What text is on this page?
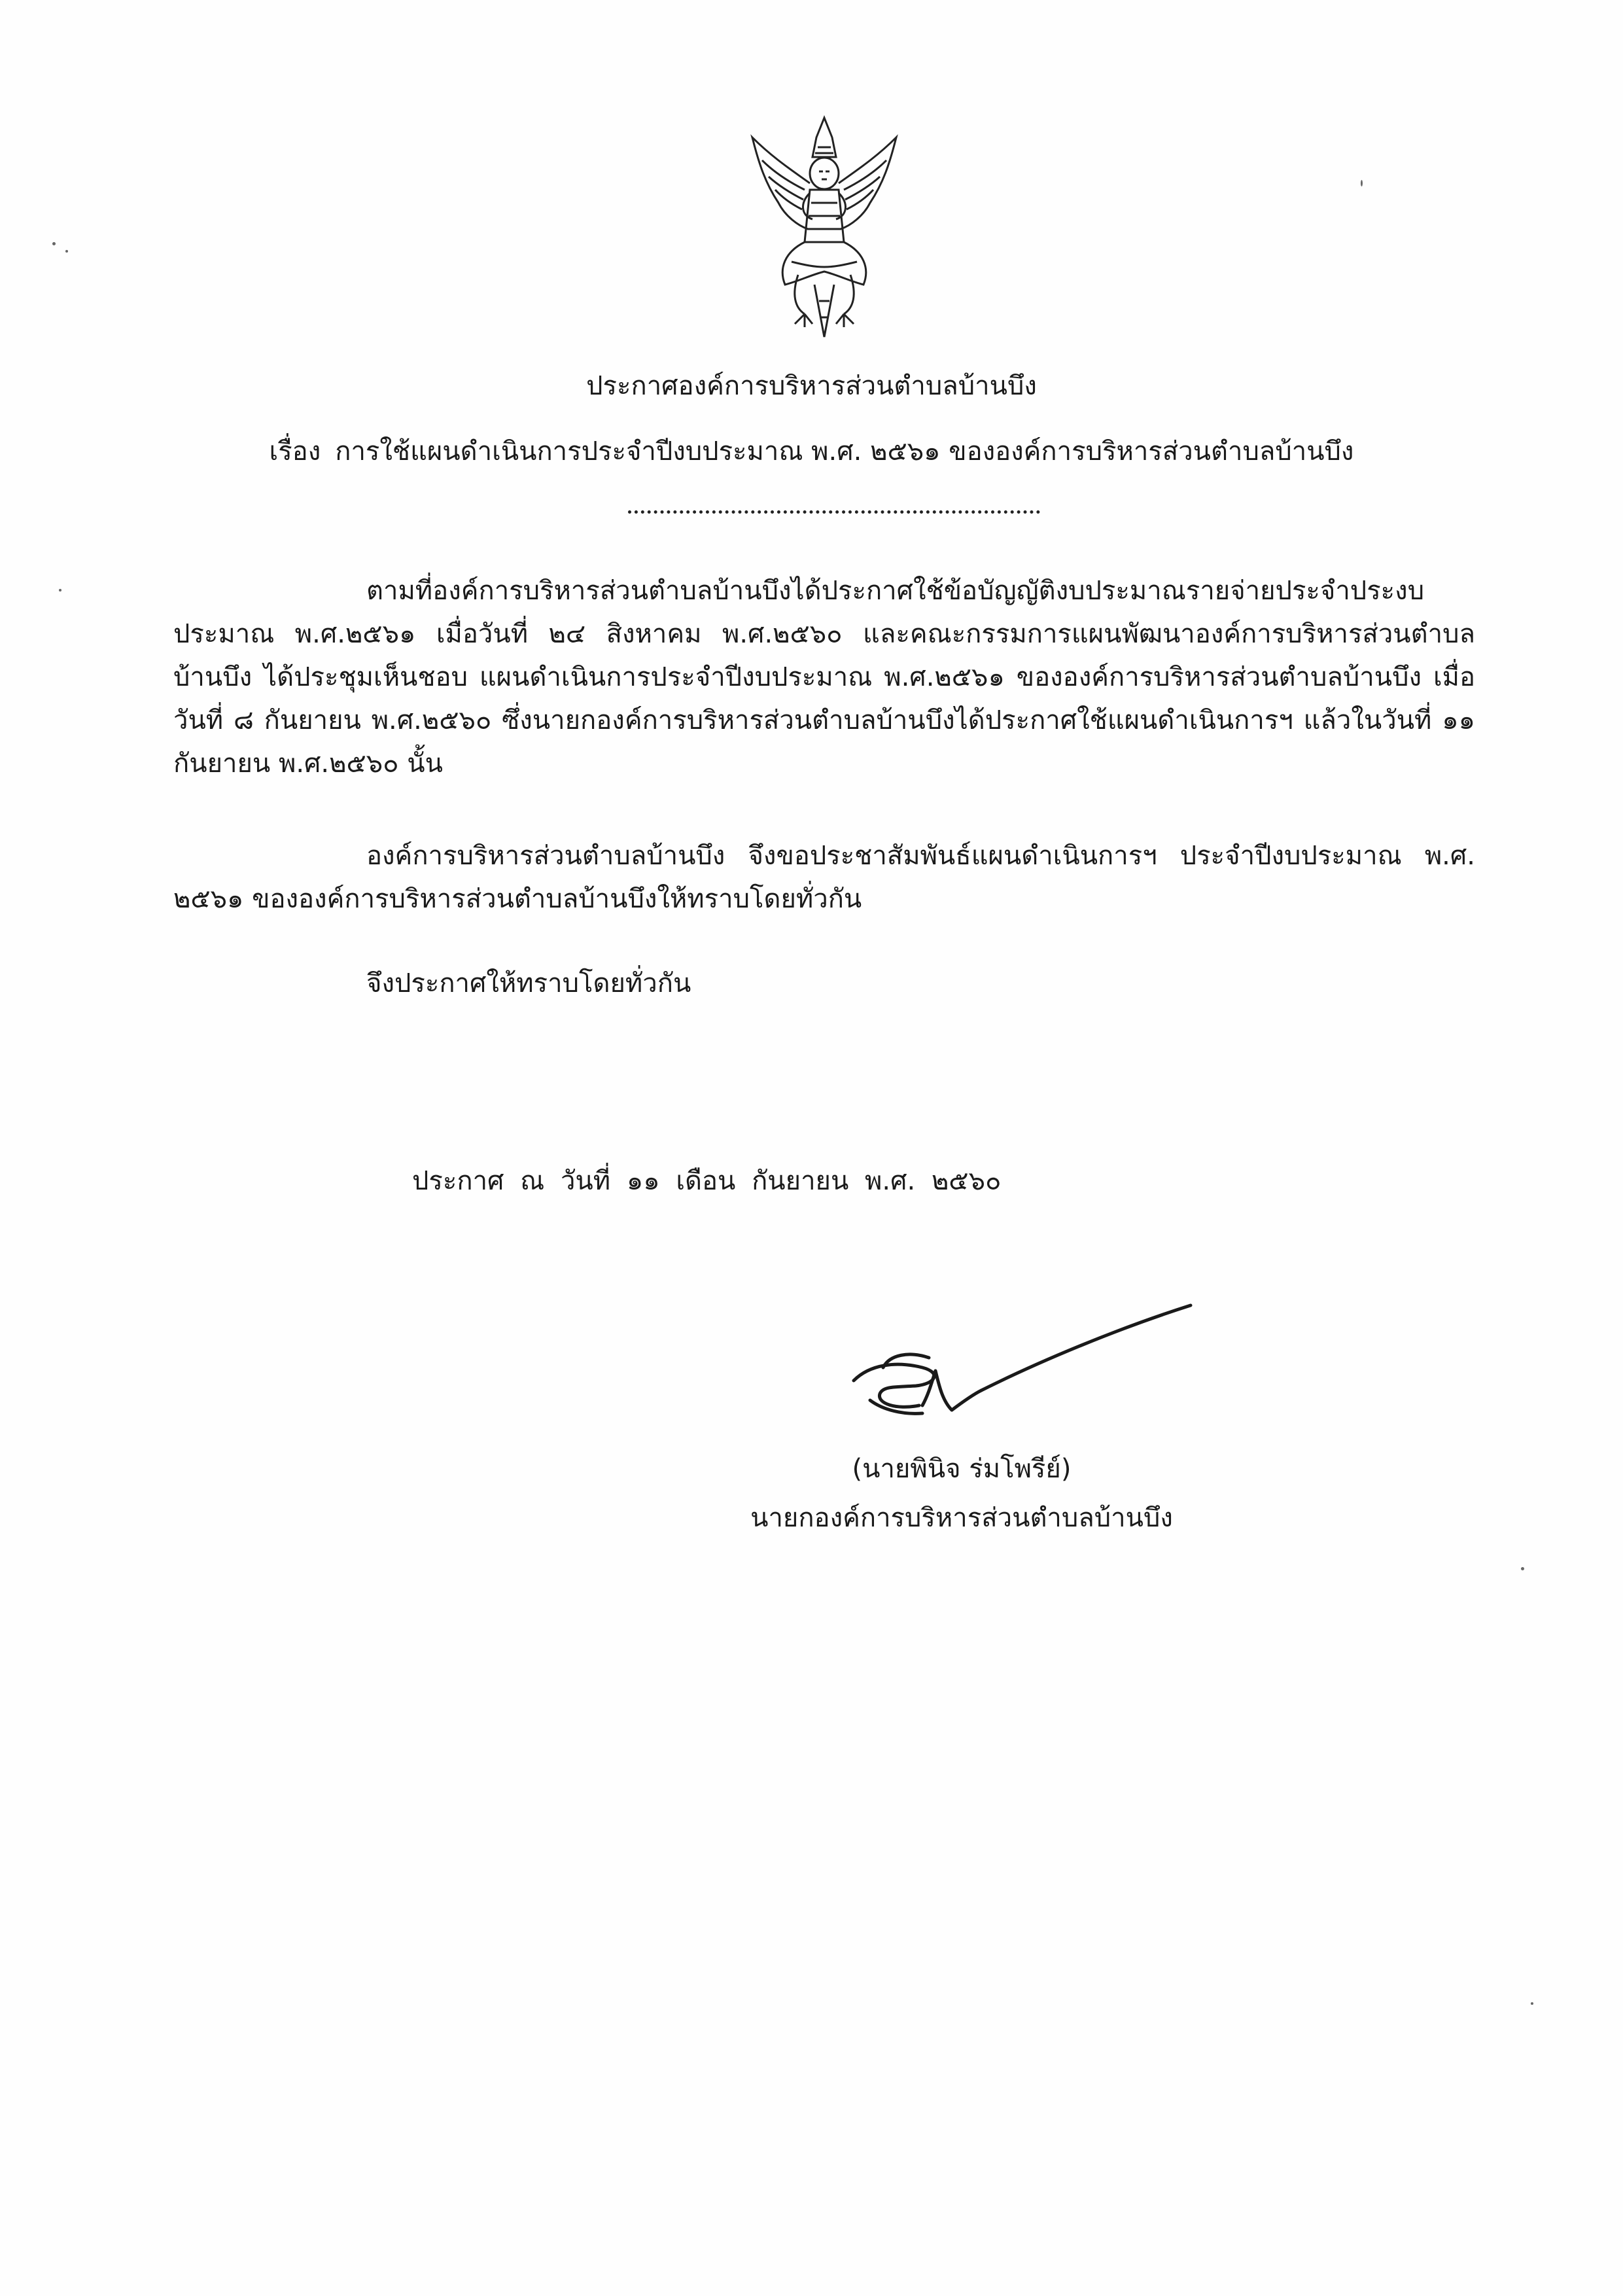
ประกาศองค์การบริหารส่วนตำบลบ้านบึง
เรื่อง การใช้แผนดำเนินการประจำปีงบประมาณ พ.ศ. ๒๕๖๑ ขององค์การบริหารส่วนตำบลบ้านบึง

ตามที่องค์การบริหารส่วนตำบลบ้านบึงได้ประกาศใช้ข้อบัญญัติงบประมาณรายจ่ายประจำประงบประมาณ พ.ศ.๒๕๖๑ เมื่อวันที่ ๒๔ สิงหาคม พ.ศ.๒๕๖๐ และคณะกรรมการแผนพัฒนาองค์การบริหารส่วนตำบลบ้านบึง ได้ประชุมเห็นชอบ แผนดำเนินการประจำปีงบประมาณ พ.ศ.๒๕๖๑ ขององค์การบริหารส่วนตำบลบ้านบึง เมื่อวันที่ ๘ กันยายน พ.ศ.๒๕๖๐ ซึ่งนายกองค์การบริหารส่วนตำบลบ้านบึงได้ประกาศใช้แผนดำเนินการฯ แล้วในวันที่ ๑๑ กันยายน พ.ศ.๒๕๖๐ นั้น

องค์การบริหารส่วนตำบลบ้านบึง จึงขอประชาสัมพันธ์แผนดำเนินการฯ ประจำปีงบประมาณ พ.ศ. ๒๕๖๑ ขององค์การบริหารส่วนตำบลบ้านบึงให้ทราบโดยทั่วกัน

จึงประกาศให้ทราบโดยทั่วกัน

ประกาศ ณ วันที่ ๑๑ เดือน กันยายน พ.ศ. ๒๕๖๐
(นายพินิจ ร่มโพรีย์)
นายกองค์การบริหารส่วนตำบลบ้านบึง
